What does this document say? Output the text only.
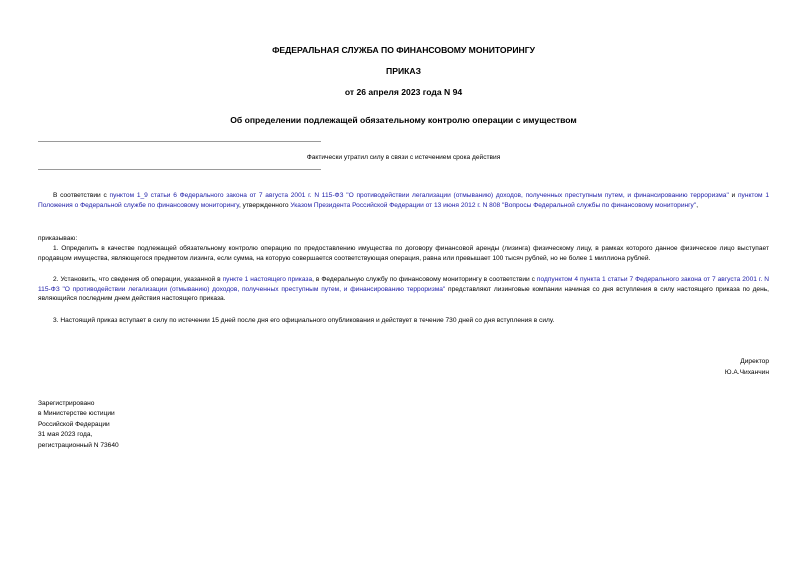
ФЕДЕРАЛЬНАЯ СЛУЖБА ПО ФИНАНСОВОМУ МОНИТОРИНГУ
ПРИКАЗ
от 26 апреля 2023 года N 94
Об определении подлежащей обязательному контролю операции с имуществом
Фактически утратил силу в связи с истечением срока действия

В соответствии с пунктом 1_9 статьи 6 Федерального закона от 7 августа 2001 г. N 115-ФЗ "О противодействии легализации (отмыванию) доходов, полученных преступным путем, и финансированию терроризма" и пунктом 1 Положения о Федеральной службе по финансовому мониторингу, утвержденного Указом Президента Российской Федерации от 13 июня 2012 г. N 808 "Вопросы Федеральной службы по финансовому мониторингу",

приказываю:

1. Определить в качестве подлежащей обязательному контролю операцию по предоставлению имущества по договору финансовой аренды (лизинга) физическому лицу, в рамках которого данное физическое лицо выступает продавцом имущества, являющегося предметом лизинга, если сумма, на которую совершается соответствующая операция, равна или превышает 100 тысяч рублей, но не более 1 миллиона рублей.

2. Установить, что сведения об операции, указанной в пункте 1 настоящего приказа, в Федеральную службу по финансовому мониторингу в соответствии с подпунктом 4 пункта 1 статьи 7 Федерального закона от 7 августа 2001 г. N 115-ФЗ "О противодействии легализации (отмыванию) доходов, полученных преступным путем, и финансированию терроризма" представляют лизинговые компании начиная со дня вступления в силу настоящего приказа по день, являющийся последним днем действия настоящего приказа.

3. Настоящий приказ вступает в силу по истечении 15 дней после дня его официального опубликования и действует в течение 730 дней со дня вступления в силу.

Директор
Ю.А.Чиханчин
Зарегистрировано
в Министерстве юстиции
Российской Федерации
31 мая 2023 года,
регистрационный N 73640
